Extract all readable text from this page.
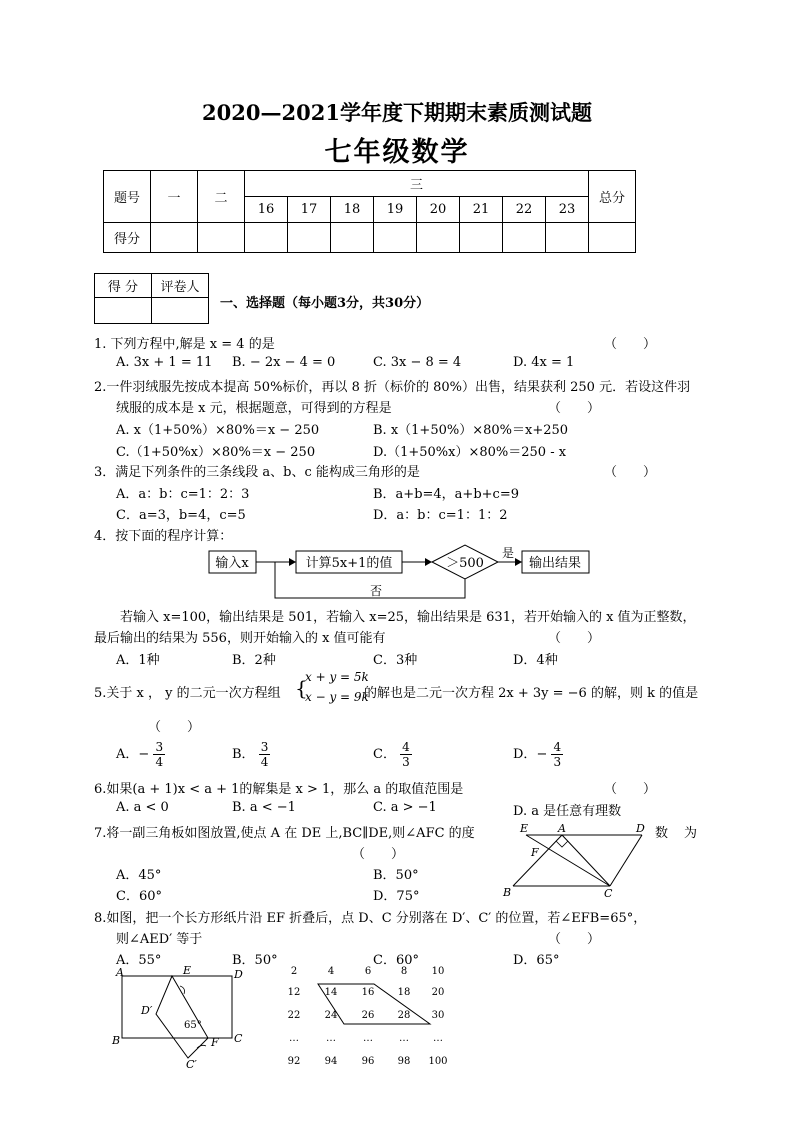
2020—2021学年度下期期末素质测试题
七年级数学
题号	一	二	三								总分
			16	17	18	19	20	21	22	23	
得分											
得 分	评卷人

一、选择题（每小题3分，共30分）
1. 下列方程中,解是 x = 4 的是	（　　）
A. 3x + 1 = 11 B. − 2x − 4 = 0	C. 3x − 8 = 4	D. 4x = 1
2.一件羽绒服先按成本提高 50%标价，再以 8 折（标价的 80%）出售，结果获利 250 元．若设这件羽
绒服的成本是 x 元，根据题意，可得到的方程是	（　　）
A. x（1+50%）×80%＝x − 250	B. x（1+50%）×80%＝x+250
C.（1+50%x）×80%＝x − 250	D.（1+50%x）×80%＝250 - x
3．满足下列条件的三条线段 a、b、c 能构成三角形的是	（　　）
A．a：b：c=1：2：3	B．a+b=4，a+b+c=9
C．a=3，b=4，c=5	D．a：b：c=1：1：2
4．按下面的程序计算：
输入x	计算5x+1的值	＞500
是
输出结果
否
若输入 x=100，输出结果是 501，若输入 x=25，输出结果是 631，若开始输入的 x 值为正整数，
最后输出的结果为 556，则开始输入的 x 值可能有	（　　）
A．1种	B．2种	C．3种	D．4种
5.关于 x ， y 的二元一次方程组 {
x + y = 5k
x − y = 9k
的解也是二元一次方程 2x + 3y = −6 的解，则 k 的值是
（　　）
A．− $\frac{3}{4}$	B． $\frac{3}{4}$	C． $\frac{4}{3}$	D．− $\frac{4}{3}$
6.如果(a + 1)x < a + 1的解集是 x > 1，那么 a 的取值范围是	（　　）
A. a < 0	B. a < −1	C. a > −1	D. a 是任意有理数
7.将一副三角板如图放置,使点 A 在 DE 上,BC∥DE,则∠AFC 的度	数 为
（　　）
A．45°	B．50°
C．60°	D．75°
E	A	D
F
B	C
8.如图，把一个长方形纸片沿 EF 折叠后，点 D、C 分别落在 D′、C′ 的位置，若∠EFB=65°，
则∠AED′ 等于	（　　）
A．55°	B．50°	C．60°	D．65°
A	E	D
D′
65°
B	F C
C′
2	4	6	8 10
12 14 16 18 20
22 24 26 28 30
…	…	…	… …
92 94 96 98 100
